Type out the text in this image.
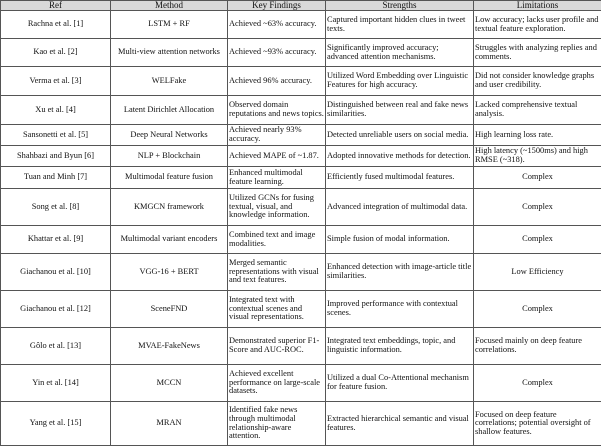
Ref	Method	Key Findings	Strengths	Limitations
Rachna et al. [1]	LSTM + RF	Achieved ~63% accuracy.	Captured important hidden clues in tweet texts.	Low accuracy; lacks user profile and textual feature exploration.
Kao et al. [2]	Multi-view attention networks	Achieved ~93% accuracy.	Significantly improved accuracy; advanced attention mechanisms.	Struggles with analyzing replies and comments.
Verma et al. [3]	WELFake	Achieved 96% accuracy.	Utilized Word Embedding over Linguistic Features for high accuracy.	Did not consider knowledge graphs and user credibility.
Xu et al. [4]	Latent Dirichlet Allocation	Observed domain reputations and news topics.	Distinguished between real and fake news similarities.	Lacked comprehensive textual analysis.
Sansonetti et al. [5]	Deep Neural Networks	Achieved nearly 93% accuracy.	Detected unreliable users on social media.	High learning loss rate.
Shahbazi and Byun [6]	NLP + Blockchain	Achieved MAPE of ~1.87.	Adopted innovative methods for detection.	High latency (~1500ms) and high RMSE (~318).
Tuan and Minh [7]	Multimodal feature fusion	Enhanced multimodal feature learning.	Efficiently fused multimodal features.	Complex
Song et al. [8]	KMGCN framework	Utilized GCNs for fusing textual, visual, and knowledge information.	Advanced integration of multimodal data.	Complex
Khattar et al. [9]	Multimodal variant encoders	Combined text and image modalities.	Simple fusion of modal information.	Complex
Giachanou et al. [10]	VGG-16 + BERT	Merged semantic representations with visual and text features.	Enhanced detection with image-article title similarities.	Low Efficiency
Giachanou et al. [12]	SceneFND	Integrated text with contextual scenes and visual representations.	Improved performance with contextual scenes.	Complex
Gôlo et al. [13]	MVAE-FakeNews	Demonstrated superior F1-Score and AUC-ROC.	Integrated text embeddings, topic, and linguistic information.	Focused mainly on deep feature correlations.
Yin et al. [14]	MCCN	Achieved excellent performance on large-scale datasets.	Utilized a dual Co-Attentional mechanism for feature fusion.	Complex
Yang et al. [15]	MRAN	Identified fake news through multimodal relationship-aware attention.	Extracted hierarchical semantic and visual features.	Focused on deep feature correlations; potential oversight of shallow features.
